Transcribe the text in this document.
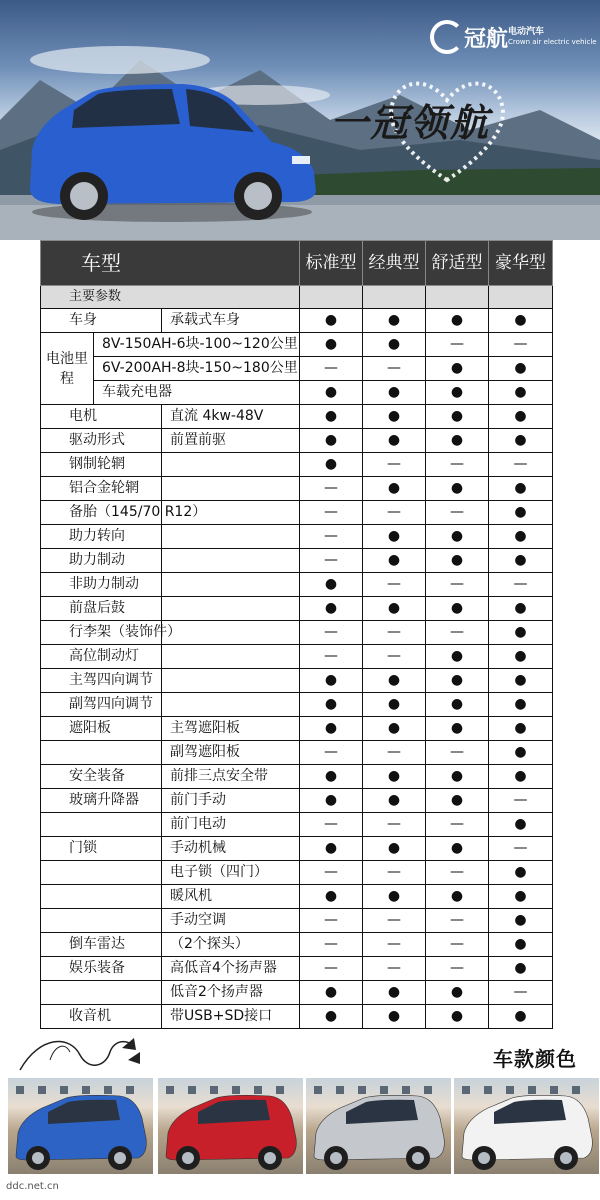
一冠领航
冠航 电动汽车
Crown air electric vehicle
车型			标准型	经典型	舒适型	豪华型
主要参数						
车身		承载式车身	●	●	●	●
电池里程	8V-150AH-6块-100~120公里		●	●	—	—
	6V-200AH-8块-150~180公里		—	—	●	●
	车载充电器		●	●	●	●
电机		直流 4kw-48V	●	●	●	●
驱动形式		前置前驱	●	●	●	●
钢制轮辋			●	—	—	—
铝合金轮辋			—	●	●	●
备胎（145/70 R12）			—	—	—	●
助力转向			—	●	●	●
助力制动			—	●	●	●
非助力制动			●	—	—	—
前盘后鼓			●	●	●	●
行李架（装饰件）			—	—	—	●
高位制动灯			—	—	●	●
主驾四向调节			●	●	●	●
副驾四向调节			●	●	●	●
遮阳板		主驾遮阳板	●	●	●	●
		副驾遮阳板	—	—	—	●
安全装备		前排三点安全带	●	●	●	●
玻璃升降器		前门手动	●	●	●	—
		前门电动	—	—	—	●
门锁		手动机械	●	●	●	—
		电子锁（四门）	—	—	—	●
		暖风机	●	●	●	●
		手动空调	—	—	—	●
倒车雷达		（2个探头）	—	—	—	●
娱乐装备		高低音4个扬声器	—	—	—	●
		低音2个扬声器	●	●	●	—
收音机		带USB+SD接口	●	●	●	●
车款颜色
ddc.net.cn
